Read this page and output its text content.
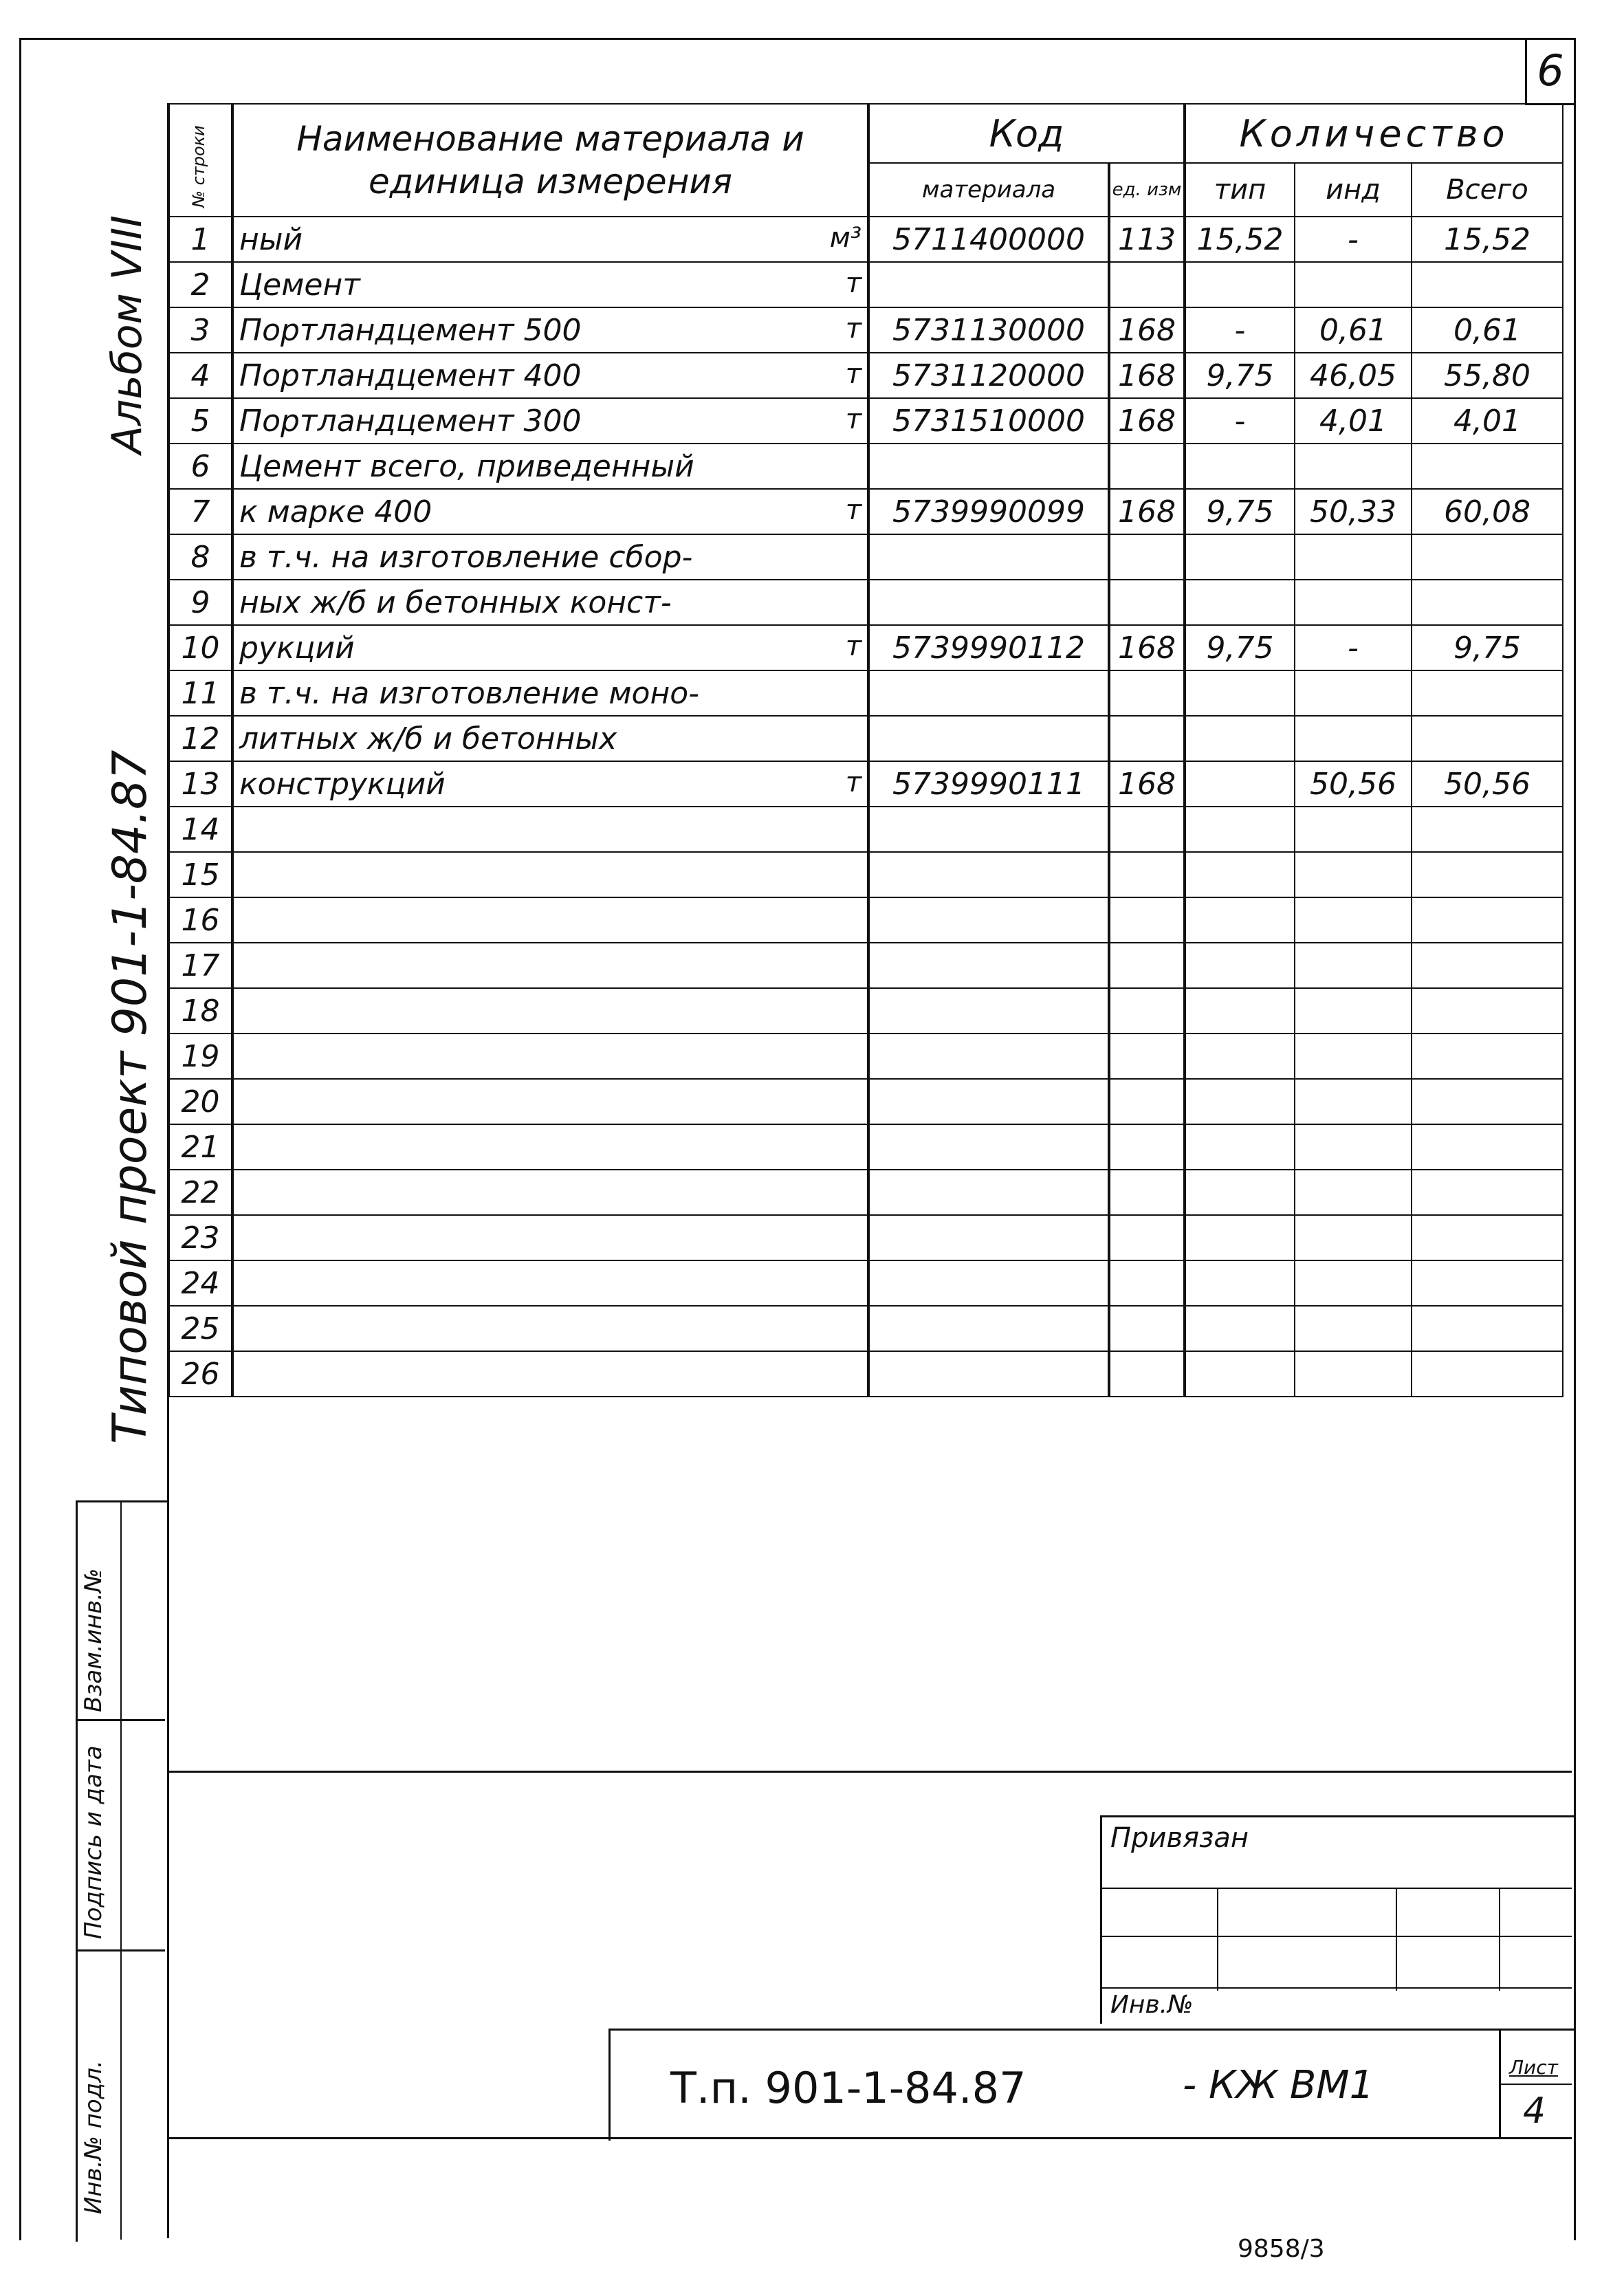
6
Альбом VIII
Типовой проект 901-1-84.87
Взам.инв.№
Подпись и дата
Инв.№ подл.
№ строки	Наименование материала и единица измерения	Код		Количество		
		материала	ед. изм	тип	инд	Всего
1	ный м³	5711400000	113	15,52	-	15,52
2	Цемент т					

3	Портландцемент 500 т	5731130000	168	-	0,61	0,61
4	Портландцемент 400 т	5731120000	168	9,75	46,05	55,80
5	Портландцемент 300 т	5731510000	168	-	4,01	4,01
6	Цемент всего, приведенный

7	к марке 400 т	5739990099	168	9,75	50,33	60,08
8	в т.ч. на изготовление сбор-

9	ных ж/б и бетонных конст-

10	рукций т	5739990112	168	9,75	-	9,75
11	в т.ч. на изготовление моно-

12	литных ж/б и бетонных

13	конструкций т	5739990111	168		50,56	50,56
14	

15	

16	

17	

18	

19	

20	

21	

22	

23	

24	

25	

26	

Привязан
Инв.№
Т.п. 901-1-84.87	- КЖ ВМ1	Лист
4
9858/3
